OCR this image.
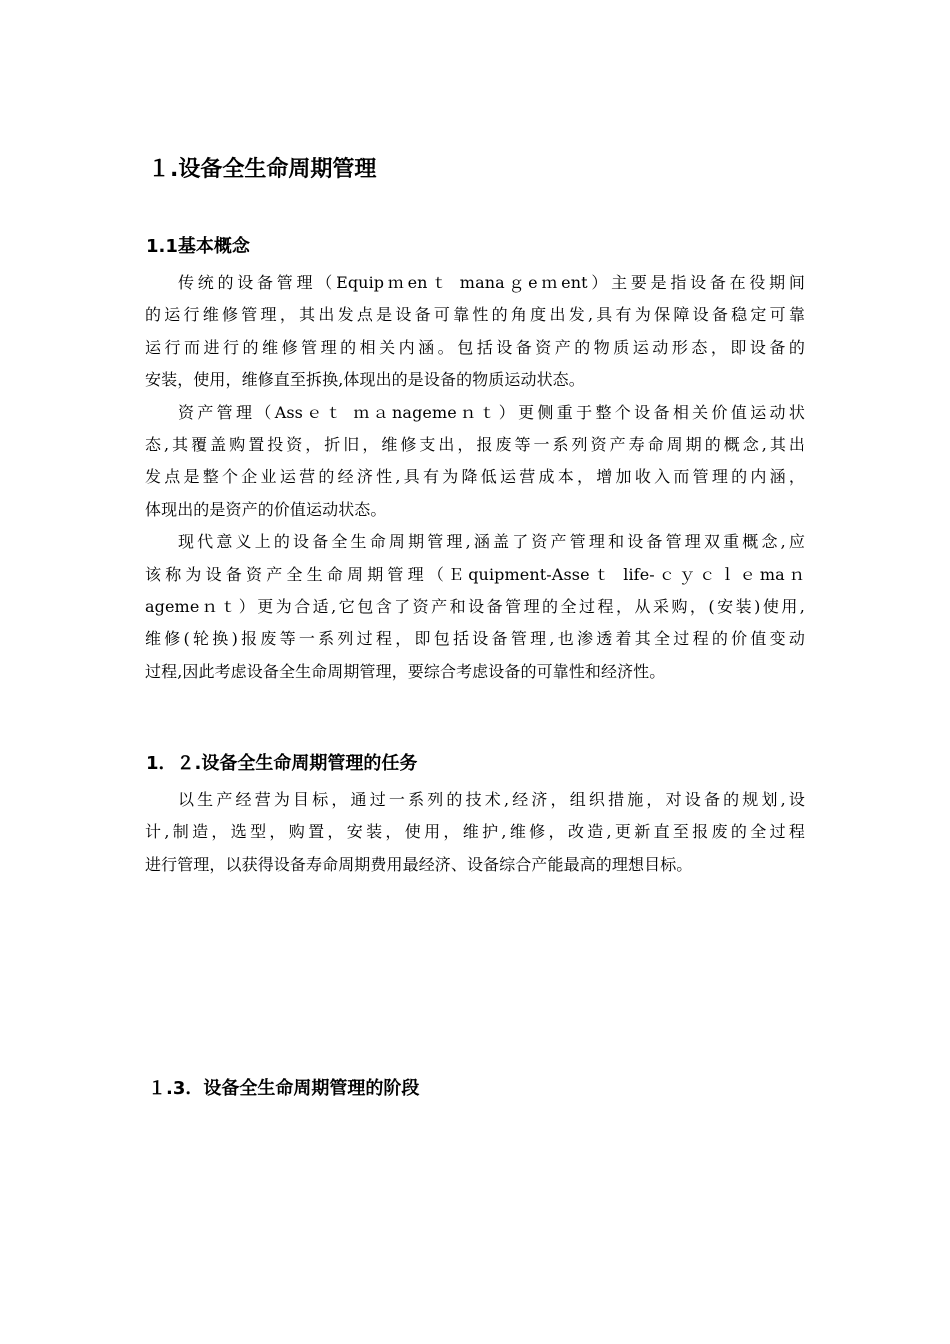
１.设备全生命周期管理
1.1基本概念
传统的设备管理（Equipｍenｔ manaｇeｍent）主要是指设备在役期间
的运行维修管理，其出发点是设备可靠性的角度出发,具有为保障设备稳定可靠
运行而进行的维修管理的相关内涵。包括设备资产的物质运动形态，即设备的
安装，使用，维修直至拆换,体现出的是设备的物质运动状态。
资产管理（Assｅｔ ｍａnagemeｎｔ）更侧重于整个设备相关价值运动状
态,其覆盖购置投资，折旧，维修支出，报废等一系列资产寿命周期的概念,其出
发点是整个企业运营的经济性,具有为降低运营成本，增加收入而管理的内涵，
体现出的是资产的价值运动状态。
现代意义上的设备全生命周期管理,涵盖了资产管理和设备管理双重概念,应
该称为设备资产全生命周期管理（Ｅquipment-Asseｔ life-ｃｙｃｌｅmaｎ
agemeｎｔ）更为合适,它包含了资产和设备管理的全过程，从采购，(安装)使用,
维修(轮换)报废等一系列过程，即包括设备管理,也渗透着其全过程的价值变动
过程,因此考虑设备全生命周期管理，要综合考虑设备的可靠性和经济性。
1．２.设备全生命周期管理的任务
以生产经营为目标，通过一系列的技术,经济，组织措施，对设备的规划,设
计,制造，选型，购置，安装，使用，维护,维修，改造,更新直至报废的全过程
进行管理，以获得设备寿命周期费用最经济、设备综合产能最高的理想目标。
１.3．设备全生命周期管理的阶段
